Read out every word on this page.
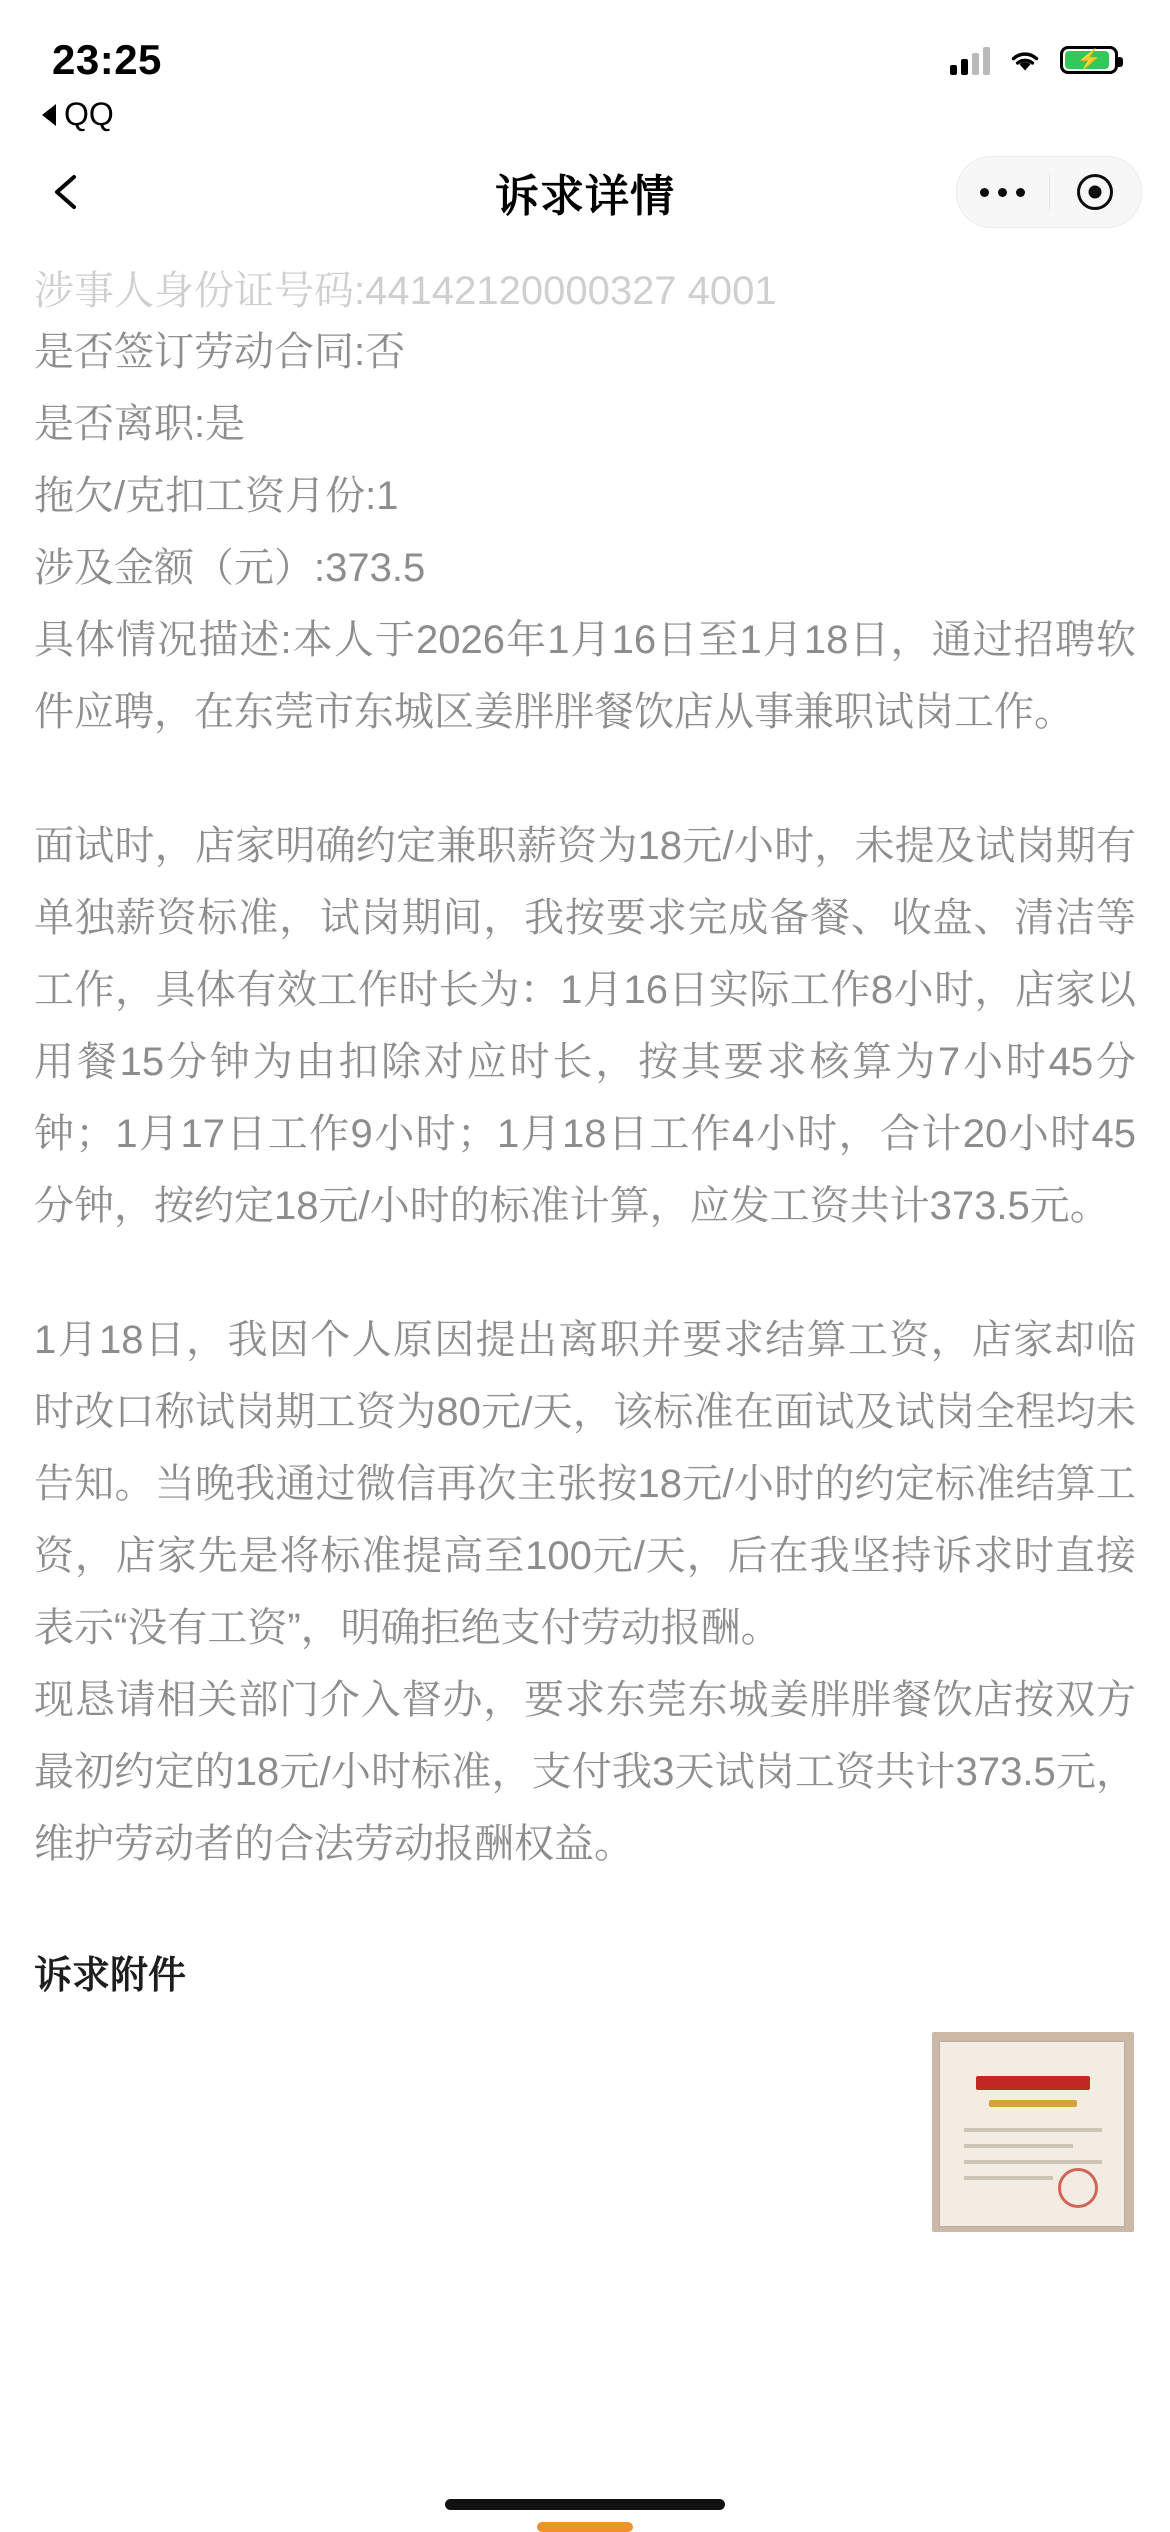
23:25	⚡
QQ
诉求详情
涉事人身份证号码:44142120000327 4001
是否签订劳动合同:否
是否离职:是
拖欠/克扣工资月份:1
涉及金额（元）:373.5

具体情况描述:本人于2026年1月16日至1月18日，通过招聘软件应聘，在东莞市东城区姜胖胖餐饮店从事兼职试岗工作。

面试时，店家明确约定兼职薪资为18元/小时，未提及试岗期有单独薪资标准，试岗期间，我按要求完成备餐、收盘、清洁等工作，具体有效工作时长为：1月16日实际工作8小时，店家以用餐15分钟为由扣除对应时长，按其要求核算为7小时45分钟；1月17日工作9小时；1月18日工作4小时，合计20小时45分钟，按约定18元/小时的标准计算，应发工资共计373.5元。

1月18日，我因个人原因提出离职并要求结算工资，店家却临时改口称试岗期工资为80元/天，该标准在面试及试岗全程均未告知。当晚我通过微信再次主张按18元/小时的约定标准结算工资，店家先是将标准提高至100元/天，后在我坚持诉求时直接表示“没有工资”，明确拒绝支付劳动报酬。

现恳请相关部门介入督办，要求东莞东城姜胖胖餐饮店按双方最初约定的18元/小时标准，支付我3天试岗工资共计373.5元，维护劳动者的合法劳动报酬权益。

诉求附件
